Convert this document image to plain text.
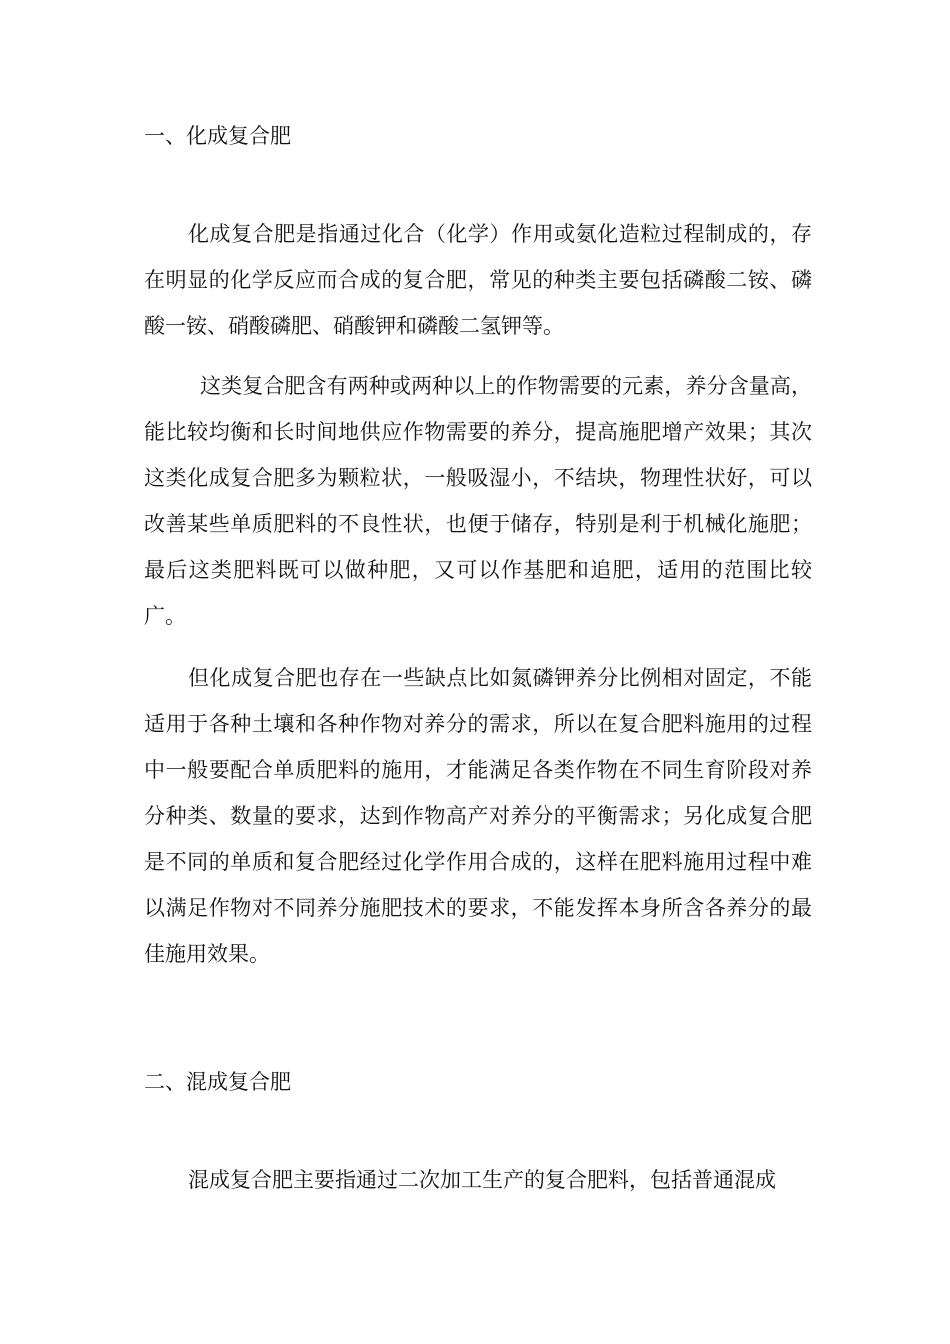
一、化成复合肥

化成复合肥是指通过化合（化学）作用或氨化造粒过程制成的，存在明显的化学反应而合成的复合肥，常见的种类主要包括磷酸二铵、磷酸一铵、硝酸磷肥、硝酸钾和磷酸二氢钾等。

这类复合肥含有两种或两种以上的作物需要的元素，养分含量高，能比较均衡和长时间地供应作物需要的养分，提高施肥增产效果；其次这类化成复合肥多为颗粒状，一般吸湿小，不结块，物理性状好，可以改善某些单质肥料的不良性状，也便于储存，特别是利于机械化施肥；最后这类肥料既可以做种肥，又可以作基肥和追肥，适用的范围比较广。

但化成复合肥也存在一些缺点比如氮磷钾养分比例相对固定，不能适用于各种土壤和各种作物对养分的需求，所以在复合肥料施用的过程中一般要配合单质肥料的施用，才能满足各类作物在不同生育阶段对养分种类、数量的要求，达到作物高产对养分的平衡需求；另化成复合肥是不同的单质和复合肥经过化学作用合成的，这样在肥料施用过程中难以满足作物对不同养分施肥技术的要求，不能发挥本身所含各养分的最佳施用效果。

二、混成复合肥

混成复合肥主要指通过二次加工生产的复合肥料，包括普通混成
